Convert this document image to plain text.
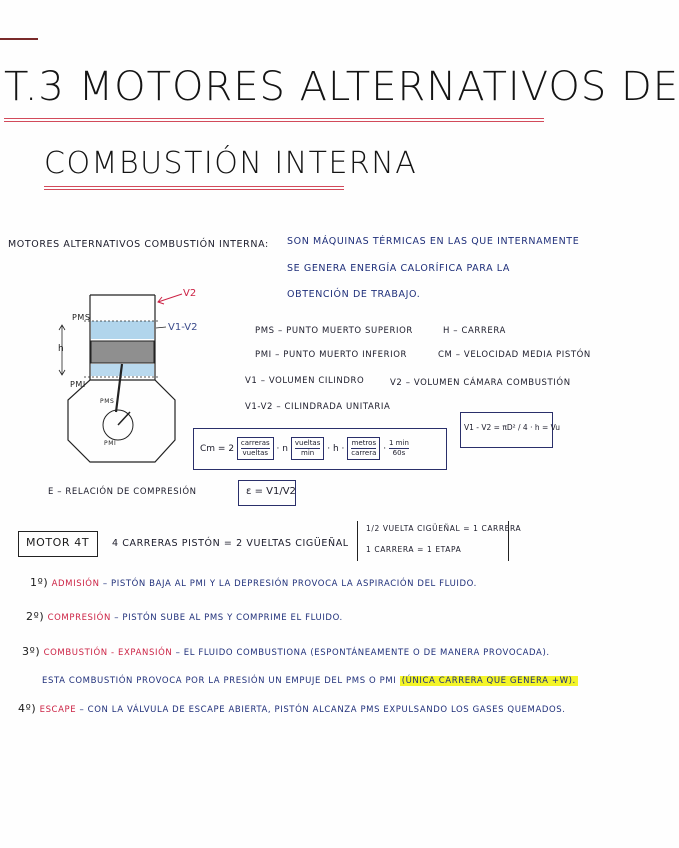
T.3 MOTORES ALTERNATIVOS DE
COMBUSTIÓN INTERNA
MOTORES ALTERNATIVOS COMBUSTIÓN INTERNA: SON MÁQUINAS TÉRMICAS EN LAS QUE INTERNAMENTE
SE GENERA ENERGÍA CALORÍFICA PARA LA
OBTENCIÓN DE TRABAJO.
PMS
PMI
h
V2
V1-V2
PMS
PMI
PMS – PUNTO MUERTO SUPERIOR	H – CARRERA
PMI – PUNTO MUERTO INFERIOR	CM – VELOCIDAD MEDIA PISTÓN
V1 – VOLUMEN CILINDRO	V2 – VOLUMEN CÁMARA COMBUSTIÓN
V1-V2 – CILINDRADA UNITARIA
$Cm = 2 \frac{\text{carreras}}{\text{vueltas}} \cdot n \frac{\text{vueltas}}{\min} \cdot h \cdot \frac{\text{metros}}{\text{carrera}} \cdot \frac{1 \min}{60s}$
V1 - V2 = πD² / 4 · h = Vu
Ε – RELACIÓN DE COMPRESIÓN	ε = V1/V2
MOTOR 4T 4 CARRERAS PISTÓN = 2 VUELTAS CIGÜEÑAL
1/2 VUELTA CIGÜEÑAL = 1 CARRERA
1 CARRERA = 1 ETAPA
1º) ADMISIÓN – PISTÓN BAJA AL PMI Y LA DEPRESIÓN PROVOCA LA ASPIRACIÓN DEL FLUIDO.
2º) COMPRESIÓN – PISTÓN SUBE AL PMS Y COMPRIME EL FLUIDO.
3º) COMBUSTIÓN - EXPANSIÓN – EL FLUIDO COMBUSTIONA (ESPONTÁNEAMENTE O DE MANERA PROVOCADA).
ESTA COMBUSTIÓN PROVOCA POR LA PRESIÓN UN EMPUJE DEL PMS O PMI (ÚNICA CARRERA QUE GENERA +W).
4º) ESCAPE – CON LA VÁLVULA DE ESCAPE ABIERTA, PISTÓN ALCANZA PMS EXPULSANDO LOS GASES QUEMADOS.
